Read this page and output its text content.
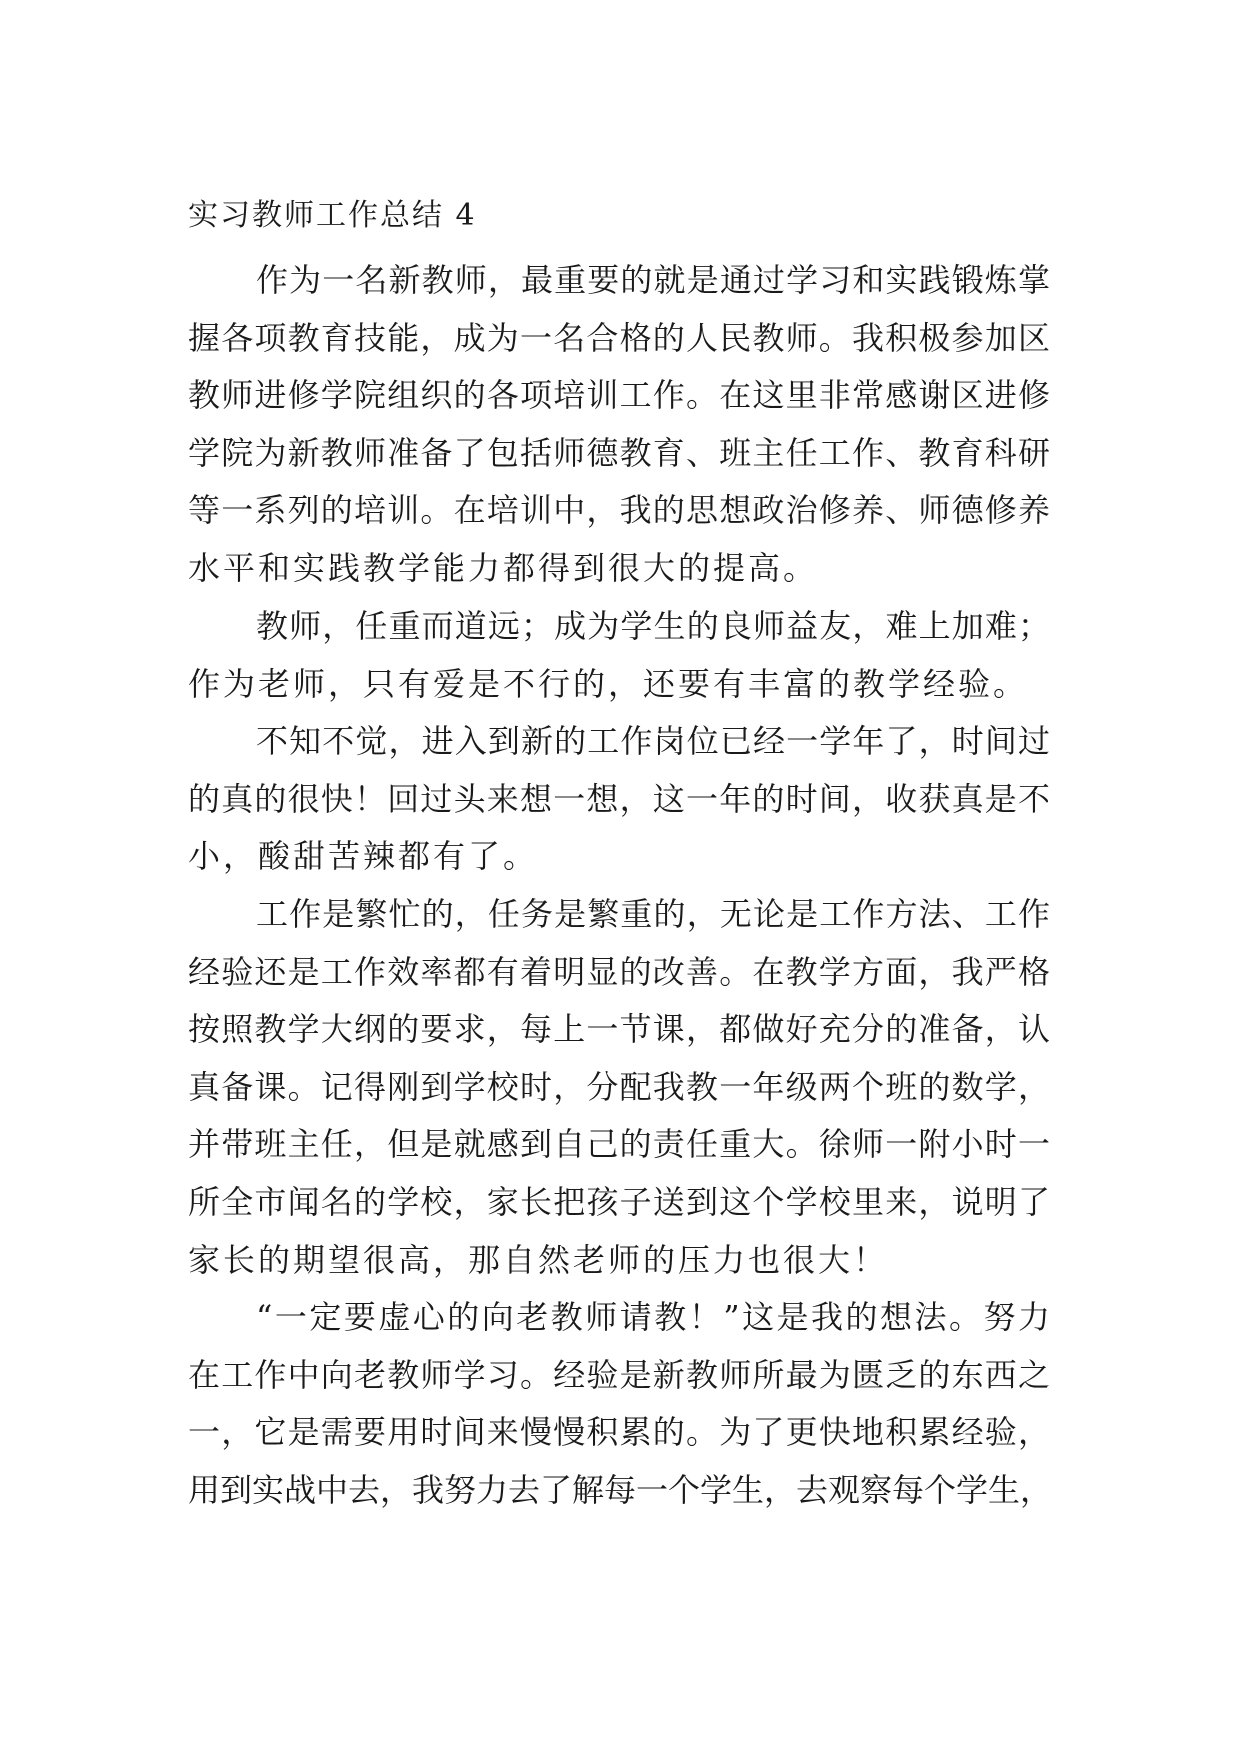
实习教师工作总结 4
作为一名新教师，最重要的就是通过学习和实践锻炼掌
握各项教育技能，成为一名合格的人民教师。我积极参加区
教师进修学院组织的各项培训工作。在这里非常感谢区进修
学院为新教师准备了包括师德教育、班主任工作、教育科研
等一系列的培训。在培训中，我的思想政治修养、师德修养
水平和实践教学能力都得到很大的提高。
教师，任重而道远；成为学生的良师益友，难上加难；
作为老师，只有爱是不行的，还要有丰富的教学经验。
不知不觉，进入到新的工作岗位已经一学年了，时间过
的真的很快！回过头来想一想，这一年的时间，收获真是不
小，酸甜苦辣都有了。
工作是繁忙的，任务是繁重的，无论是工作方法、工作
经验还是工作效率都有着明显的改善。在教学方面，我严格
按照教学大纲的要求，每上一节课，都做好充分的准备，认
真备课。记得刚到学校时，分配我教一年级两个班的数学，
并带班主任，但是就感到自己的责任重大。徐师一附小时一
所全市闻名的学校，家长把孩子送到这个学校里来，说明了
家长的期望很高，那自然老师的压力也很大！
“一定要虚心的向老教师请教！”这是我的想法。努力
在工作中向老教师学习。经验是新教师所最为匮乏的东西之
一，它是需要用时间来慢慢积累的。为了更快地积累经验，
用到实战中去，我努力去了解每一个学生，去观察每个学生，
